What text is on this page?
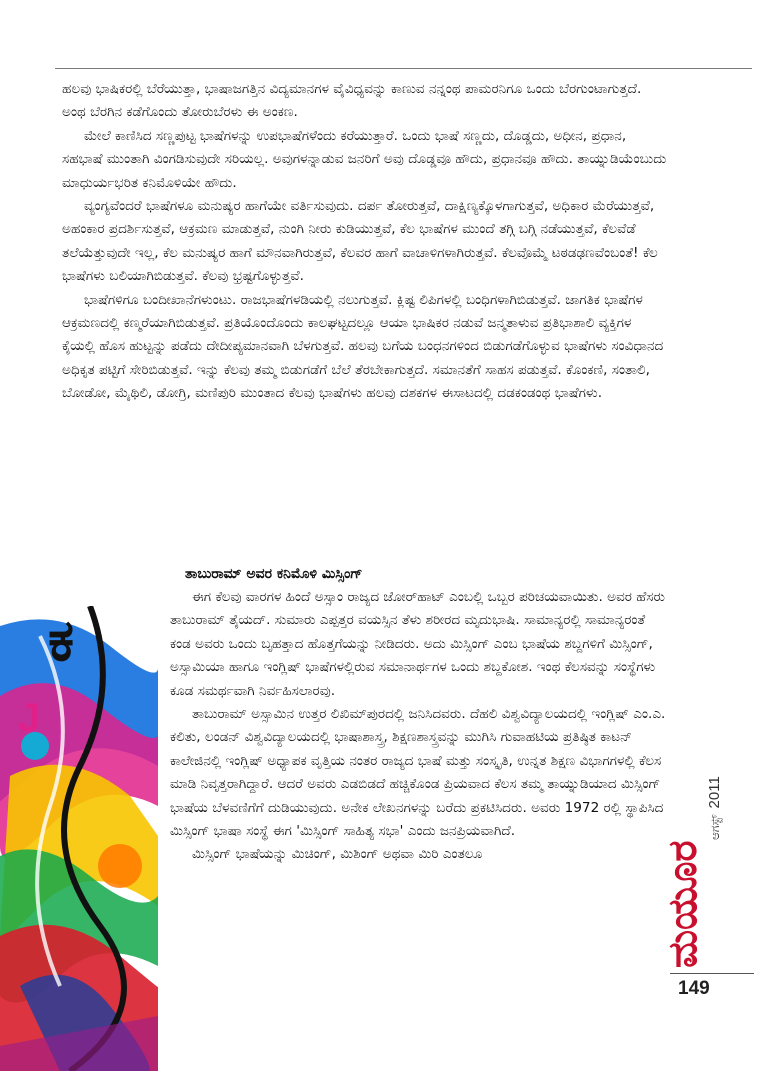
ಹಲವು ಭಾಷಿಕರಲ್ಲಿ ಬೆರೆಯುತ್ತಾ, ಭಾಷಾಜಗತ್ತಿನ ವಿದ್ಯಮಾನಗಳ ವೈವಿಧ್ಯವನ್ನು ಕಾಣುವ ನನ್ನಂಥ ಪಾಮರನಿಗೂ ಒಂದು ಬೆರಗುಂಟಾಗುತ್ತದೆ. ಅಂಥ ಬೆರಗಿನ ಕಡೆಗೊಂದು ತೋರುಬೆರಳು ಈ ಅಂಕಣ.

ಮೇಲೆ ಕಾಣಿಸಿದ ಸಣ್ಣಪುಟ್ಟ ಭಾಷೆಗಳನ್ನು ಉಪಭಾಷೆಗಳೆಂದು ಕರೆಯುತ್ತಾರೆ. ಒಂದು ಭಾಷೆ ಸಣ್ಣದು, ದೊಡ್ಡದು, ಅಧೀನ, ಪ್ರಧಾನ, ಸಹಭಾಷೆ ಮುಂತಾಗಿ ವಿಂಗಡಿಸುವುದೇ ಸರಿಯಲ್ಲ. ಅವುಗಳನ್ನಾಡುವ ಜನರಿಗೆ ಅವು ದೊಡ್ಡವೂ ಹೌದು, ಪ್ರಧಾನವೂ ಹೌದು. ತಾಯ್ನುಡಿಯೆಂಬುದು ಮಾಧುರ್ಯಭರಿತ ಕನಿಮೊಳಿಯೇ ಹೌದು.

ವ್ಯಂಗ್ಯವೆಂದರೆ ಭಾಷೆಗಳೂ ಮನುಷ್ಯರ ಹಾಗೆಯೇ ವರ್ತಿಸುವುದು. ದರ್ಪ ತೋರುತ್ತವೆ, ದಾಕ್ಷಿಣ್ಯಕ್ಕೊಳಗಾಗುತ್ತವೆ, ಅಧಿಕಾರ ಮೆರೆಯುತ್ತವೆ, ಅಹಂಕಾರ ಪ್ರದರ್ಶಿಸುತ್ತವೆ, ಆಕ್ರಮಣ ಮಾಡುತ್ತವೆ, ನುಂಗಿ ನೀರು ಕುಡಿಯುತ್ತವೆ, ಕೆಲ ಭಾಷೆಗಳ ಮುಂದೆ ತಗ್ಗಿ ಬಗ್ಗಿ ನಡೆಯುತ್ತವೆ, ಕೆಲವೆಡೆ ತಲೆಯೆತ್ತುವುದೇ ಇಲ್ಲ, ಕೆಲ ಮನುಷ್ಯರ ಹಾಗೆ ಮೌನವಾಗಿರುತ್ತವೆ, ಕೆಲವರ ಹಾಗೆ ವಾಚಾಳಿಗಳಾಗಿರುತ್ತವೆ. ಕೆಲವೊಮ್ಮೆ ಟಠಡಢಣವೆಂಬಂತೆ! ಕೆಲ ಭಾಷೆಗಳು ಬಲಿಯಾಗಿಬಿಡುತ್ತವೆ. ಕೆಲವು ಭ್ರಷ್ಟಗೊಳ್ಳುತ್ತವೆ.

ಭಾಷೆಗಳಿಗೂ ಬಂದೀಖಾನೆಗಳುಂಟು. ರಾಜಭಾಷೆಗಳಡಿಯಲ್ಲಿ ನಲುಗುತ್ತವೆ. ಕ್ಲಿಷ್ಟ ಲಿಪಿಗಳಲ್ಲಿ ಬಂಧಿಗಳಾಗಿಬಿಡುತ್ತವೆ. ಜಾಗತಿಕ ಭಾಷೆಗಳ ಆಕ್ರಮಣದಲ್ಲಿ ಕಣ್ಮರೆಯಾಗಿಬಿಡುತ್ತವೆ. ಪ್ರತಿಯೊಂದೊಂದು ಕಾಲಘಟ್ಟದಲ್ಲೂ ಆಯಾ ಭಾಷಿಕರ ನಡುವೆ ಜನ್ಮತಾಳುವ ಪ್ರತಿಭಾಶಾಲಿ ವ್ಯಕ್ತಿಗಳ ಕೈಯಲ್ಲಿ ಹೊಸ ಹುಟ್ಟನ್ನು ಪಡೆದು ದೇದೀಪ್ಯಮಾನವಾಗಿ ಬೆಳಗುತ್ತವೆ. ಹಲವು ಬಗೆಯ ಬಂಧನಗಳಿಂದ ಬಿಡುಗಡೆಗೊಳ್ಳುವ ಭಾಷೆಗಳು ಸಂವಿಧಾನದ ಅಧಿಕೃತ ಪಟ್ಟಿಗೆ ಸೇರಿಬಿಡುತ್ತವೆ. ಇನ್ನು ಕೆಲವು ತಮ್ಮ ಬಿಡುಗಡೆಗೆ ಬೆಲೆ ತೆರಬೇಕಾಗುತ್ತದೆ. ಸಮಾನತೆಗೆ ಸಾಹಸ ಪಡುತ್ತವೆ. ಕೊಂಕಣಿ, ಸಂತಾಲಿ, ಬೋಡೋ, ಮೈಥಿಲಿ, ಡೋಗ್ರಿ, ಮಣಿಪುರಿ ಮುಂತಾದ ಕೆಲವು ಭಾಷೆಗಳು ಹಲವು ದಶಕಗಳ ಈಸಾಟದಲ್ಲಿ ದಡಕಂಡಂಥ ಭಾಷೆಗಳು.

ತಾಬುರಾಮ್ ಅವರ ಕನಿಮೊಳಿ ಮಿಸ್ಸಿಂಗ್

ಈಗ ಕೆಲವು ವಾರಗಳ ಹಿಂದೆ ಅಸ್ಸಾಂ ರಾಜ್ಯದ ಜೋರ್‌ಹಾಟ್ ಎಂಬಲ್ಲಿ ಒಬ್ಬರ ಪರಿಚಯವಾಯಿತು. ಅವರ ಹೆಸರು ತಾಬುರಾಮ್ ತೈಯದ್. ಸುಮಾರು ಎಪ್ಪತ್ತರ ವಯಸ್ಸಿನ ತೆಳು ಶರೀರದ ಮೃದುಭಾಷಿ. ಸಾಮಾನ್ಯರಲ್ಲಿ ಸಾಮಾನ್ಯರಂತೆ ಕಂಡ ಅವರು ಒಂದು ಬೃಹತ್ತಾದ ಹೊತ್ತಗೆಯನ್ನು ನೀಡಿದರು. ಅದು ಮಿಸ್ಸಿಂಗ್ ಎಂಬ ಭಾಷೆಯ ಶಬ್ದಗಳಿಗೆ ಮಿಸ್ಸಿಂಗ್, ಅಸ್ಸಾಮಿಯಾ ಹಾಗೂ ಇಂಗ್ಲಿಷ್ ಭಾಷೆಗಳಲ್ಲಿರುವ ಸಮಾನಾರ್ಥಗಳ ಒಂದು ಶಬ್ದಕೋಶ. ಇಂಥ ಕೆಲಸವನ್ನು ಸಂಸ್ಥೆಗಳು ಕೂಡ ಸಮರ್ಥವಾಗಿ ನಿರ್ವಹಿಸಲಾರವು.

ತಾಬುರಾಮ್ ಅಸ್ಸಾಮಿನ ಉತ್ತರ ಲಿಖಿಮ್‌ಪುರದಲ್ಲಿ ಜನಿಸಿದವರು. ದೆಹಲಿ ವಿಶ್ವವಿದ್ಯಾಲಯದಲ್ಲಿ ಇಂಗ್ಲಿಷ್ ಎಂ.ಎ. ಕಲಿತು, ಲಂಡನ್ ವಿಶ್ವವಿದ್ಯಾಲಯದಲ್ಲಿ ಭಾಷಾಶಾಸ್ತ್ರ, ಶಿಕ್ಷಣಶಾಸ್ತ್ರವನ್ನು ಮುಗಿಸಿ ಗುವಾಹಟಿಯ ಪ್ರತಿಷ್ಠಿತ ಕಾಟನ್ ಕಾಲೇಜಿನಲ್ಲಿ ಇಂಗ್ಲಿಷ್ ಅಧ್ಯಾಪಕ ವೃತ್ತಿಯ ನಂತರ ರಾಜ್ಯದ ಭಾಷೆ ಮತ್ತು ಸಂಸ್ಕೃತಿ, ಉನ್ನತ ಶಿಕ್ಷಣ ವಿಭಾಗಗಳಲ್ಲಿ ಕೆಲಸ ಮಾಡಿ ನಿವೃತ್ತರಾಗಿದ್ದಾರೆ. ಆದರೆ ಅವರು ಎಡಬಿಡದೆ ಹಚ್ಚಿಕೊಂಡ ಪ್ರಿಯವಾದ ಕೆಲಸ ತಮ್ಮ ತಾಯ್ನುಡಿಯಾದ ಮಿಸ್ಸಿಂಗ್ ಭಾಷೆಯ ಬೆಳವಣಿಗೆಗೆ ದುಡಿಯುವುದು. ಅನೇಕ ಲೇಖನಗಳನ್ನು ಬರೆದು ಪ್ರಕಟಿಸಿದರು. ಅವರು 1972 ರಲ್ಲಿ ಸ್ಥಾಪಿಸಿದ ಮಿಸ್ಸಿಂಗ್ ಭಾಷಾ ಸಂಸ್ಥೆ ಈಗ 'ಮಿಸ್ಸಿಂಗ್ ಸಾಹಿತ್ಯ ಸಭಾ' ಎಂದು ಜನಪ್ರಿಯವಾಗಿದೆ.

ಮಿಸ್ಸಿಂಗ್ ಭಾಷೆಯನ್ನು ಮಿಚಿಂಗ್, ಮಿಶಿಂಗ್ ಅಥವಾ ಮಿರಿ ಎಂತಲೂ

ಕ
J
ಆಗಸ್ಟ್2011
ಮಯೂರ
149
